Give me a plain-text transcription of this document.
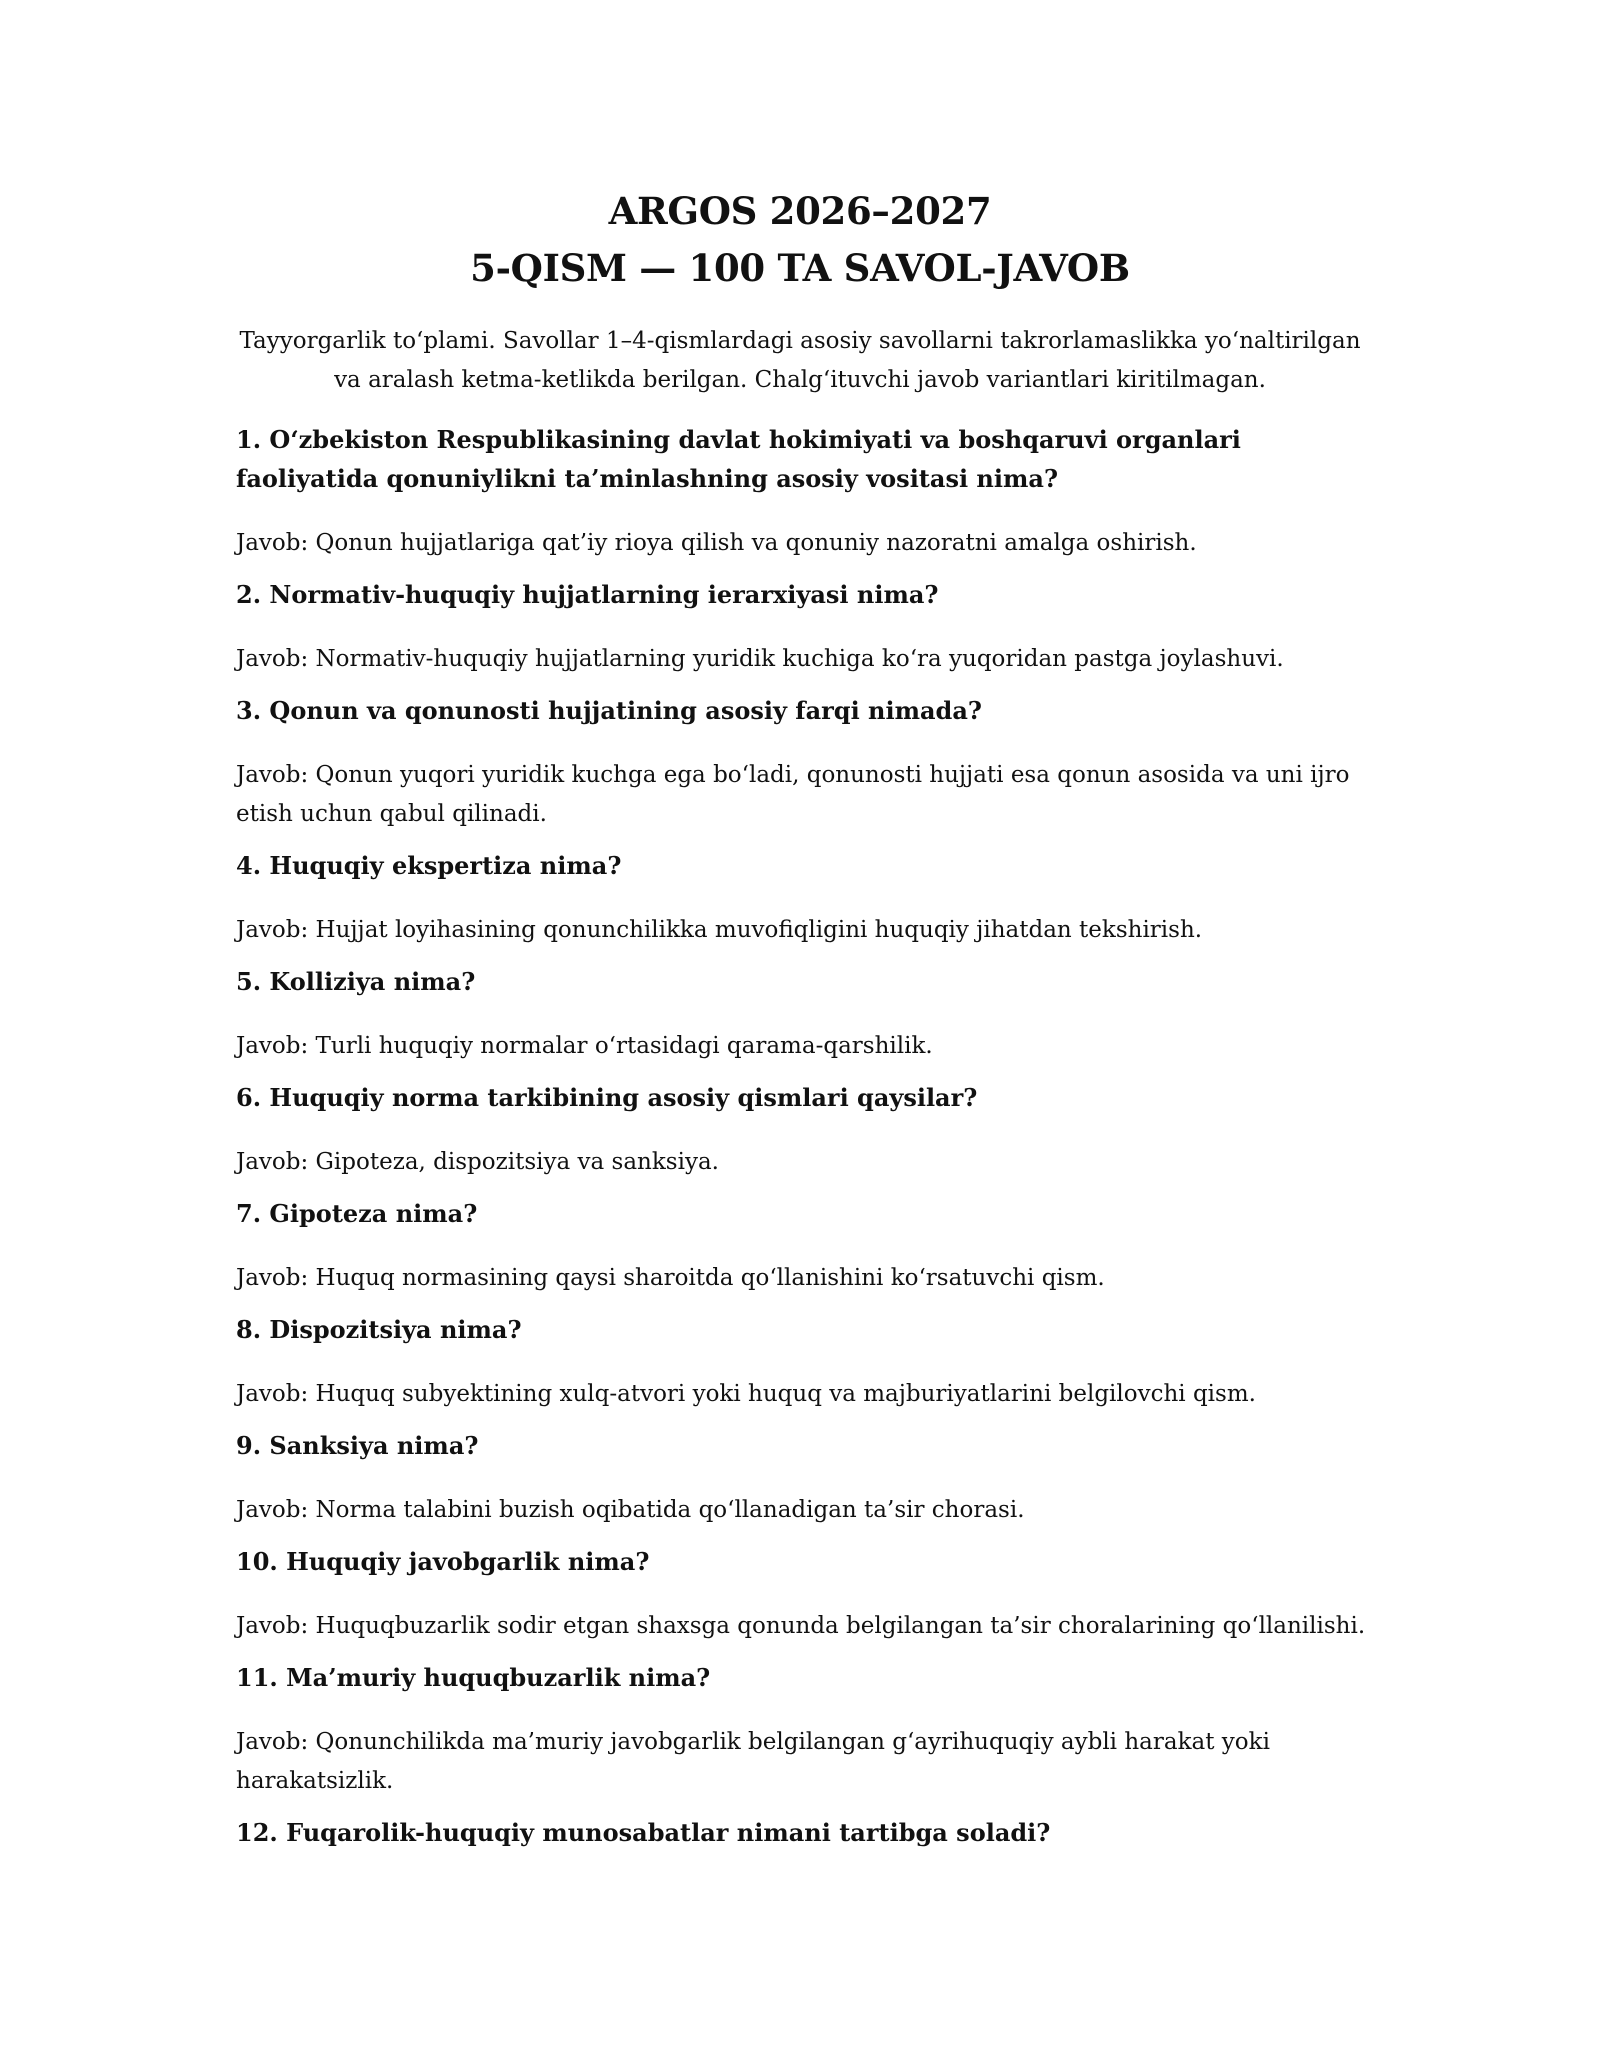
ARGOS 2026–2027
5-QISM — 100 TA SAVOL-JAVOB
Tayyorgarlik to‘plami. Savollar 1–4-qismlardagi asosiy savollarni takrorlamaslikka yo‘naltirilgan va aralash ketma-ketlikda berilgan. Chalg‘ituvchi javob variantlari kiritilmagan.

1. O‘zbekiston Respublikasining davlat hokimiyati va boshqaruvi organlari faoliyatida qonuniylikni ta’minlashning asosiy vositasi nima?

Javob: Qonun hujjatlariga qat’iy rioya qilish va qonuniy nazoratni amalga oshirish.

2. Normativ-huquqiy hujjatlarning ierarxiyasi nima?

Javob: Normativ-huquqiy hujjatlarning yuridik kuchiga ko‘ra yuqoridan pastga joylashuvi.

3. Qonun va qonunosti hujjatining asosiy farqi nimada?

Javob: Qonun yuqori yuridik kuchga ega bo‘ladi, qonunosti hujjati esa qonun asosida va uni ijro etish uchun qabul qilinadi.

4. Huquqiy ekspertiza nima?

Javob: Hujjat loyihasining qonunchilikka muvofiqligini huquqiy jihatdan tekshirish.

5. Kolliziya nima?

Javob: Turli huquqiy normalar o‘rtasidagi qarama-qarshilik.

6. Huquqiy norma tarkibining asosiy qismlari qaysilar?

Javob: Gipoteza, dispozitsiya va sanksiya.

7. Gipoteza nima?

Javob: Huquq normasining qaysi sharoitda qo‘llanishini ko‘rsatuvchi qism.

8. Dispozitsiya nima?

Javob: Huquq subyektining xulq-atvori yoki huquq va majburiyatlarini belgilovchi qism.

9. Sanksiya nima?

Javob: Norma talabini buzish oqibatida qo‘llanadigan ta’sir chorasi.

10. Huquqiy javobgarlik nima?

Javob: Huquqbuzarlik sodir etgan shaxsga qonunda belgilangan ta’sir choralarining qo‘llanilishi.

11. Ma’muriy huquqbuzarlik nima?

Javob: Qonunchilikda ma’muriy javobgarlik belgilangan g‘ayrihuquqiy aybli harakat yoki harakatsizlik.

12. Fuqarolik-huquqiy munosabatlar nimani tartibga soladi?
